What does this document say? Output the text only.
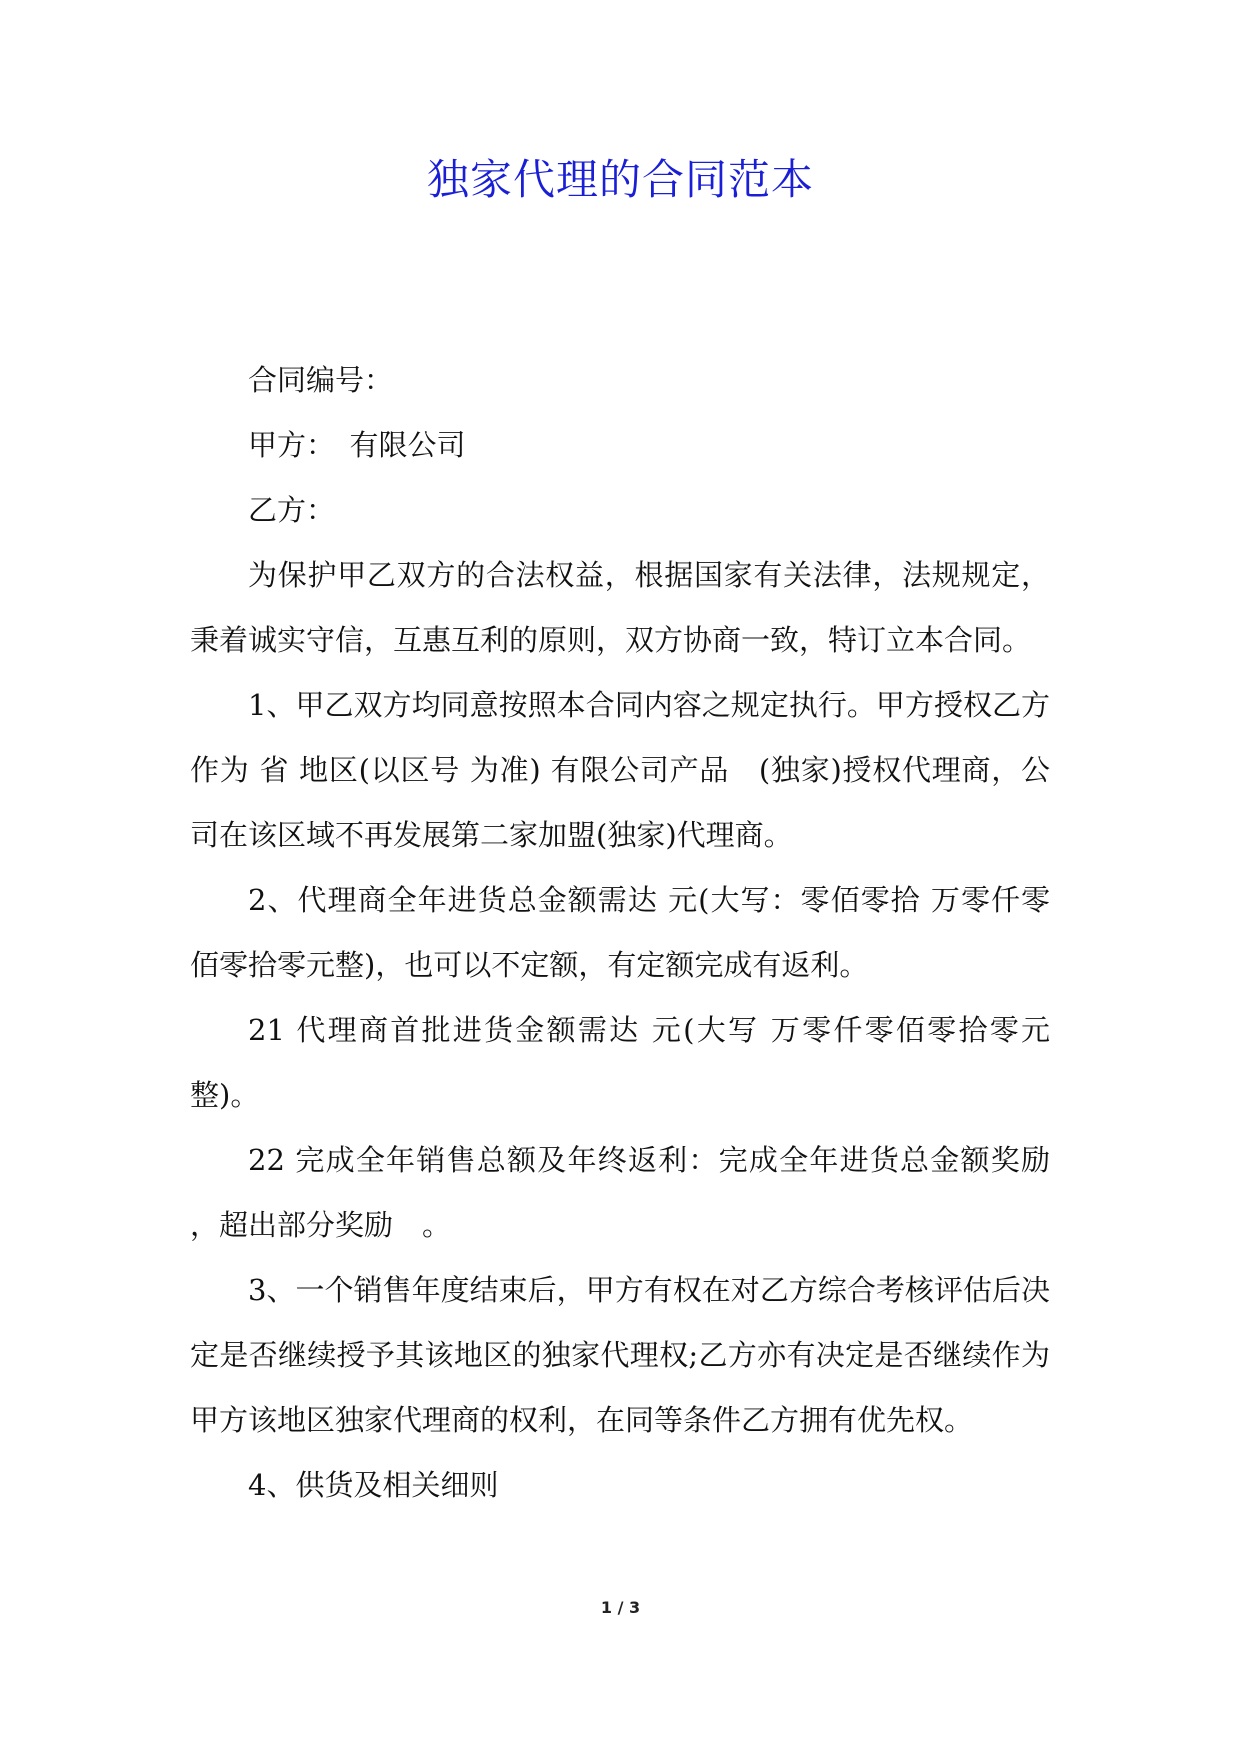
独家代理的合同范本

合同编号：

甲方：　有限公司

乙方：

为保护甲乙双方的合法权益，根据国家有关法律，法规规定，秉着诚实守信，互惠互利的原则，双方协商一致，特订立本合同。

1、甲乙双方均同意按照本合同内容之规定执行。甲方授权乙方作为 省 地区(以区号 为准) 有限公司产品　(独家)授权代理商，公司在该区域不再发展第二家加盟(独家)代理商。

2、代理商全年进货总金额需达 元(大写：零佰零拾 万零仟零佰零拾零元整)，也可以不定额，有定额完成有返利。

21 代理商首批进货金额需达 元(大写 万零仟零佰零拾零元整)。

22 完成全年销售总额及年终返利：完成全年进货总金额奖励 ，超出部分奖励　。

3、一个销售年度结束后，甲方有权在对乙方综合考核评估后决定是否继续授予其该地区的独家代理权;乙方亦有决定是否继续作为甲方该地区独家代理商的权利，在同等条件乙方拥有优先权。

4、供货及相关细则

1 / 3
